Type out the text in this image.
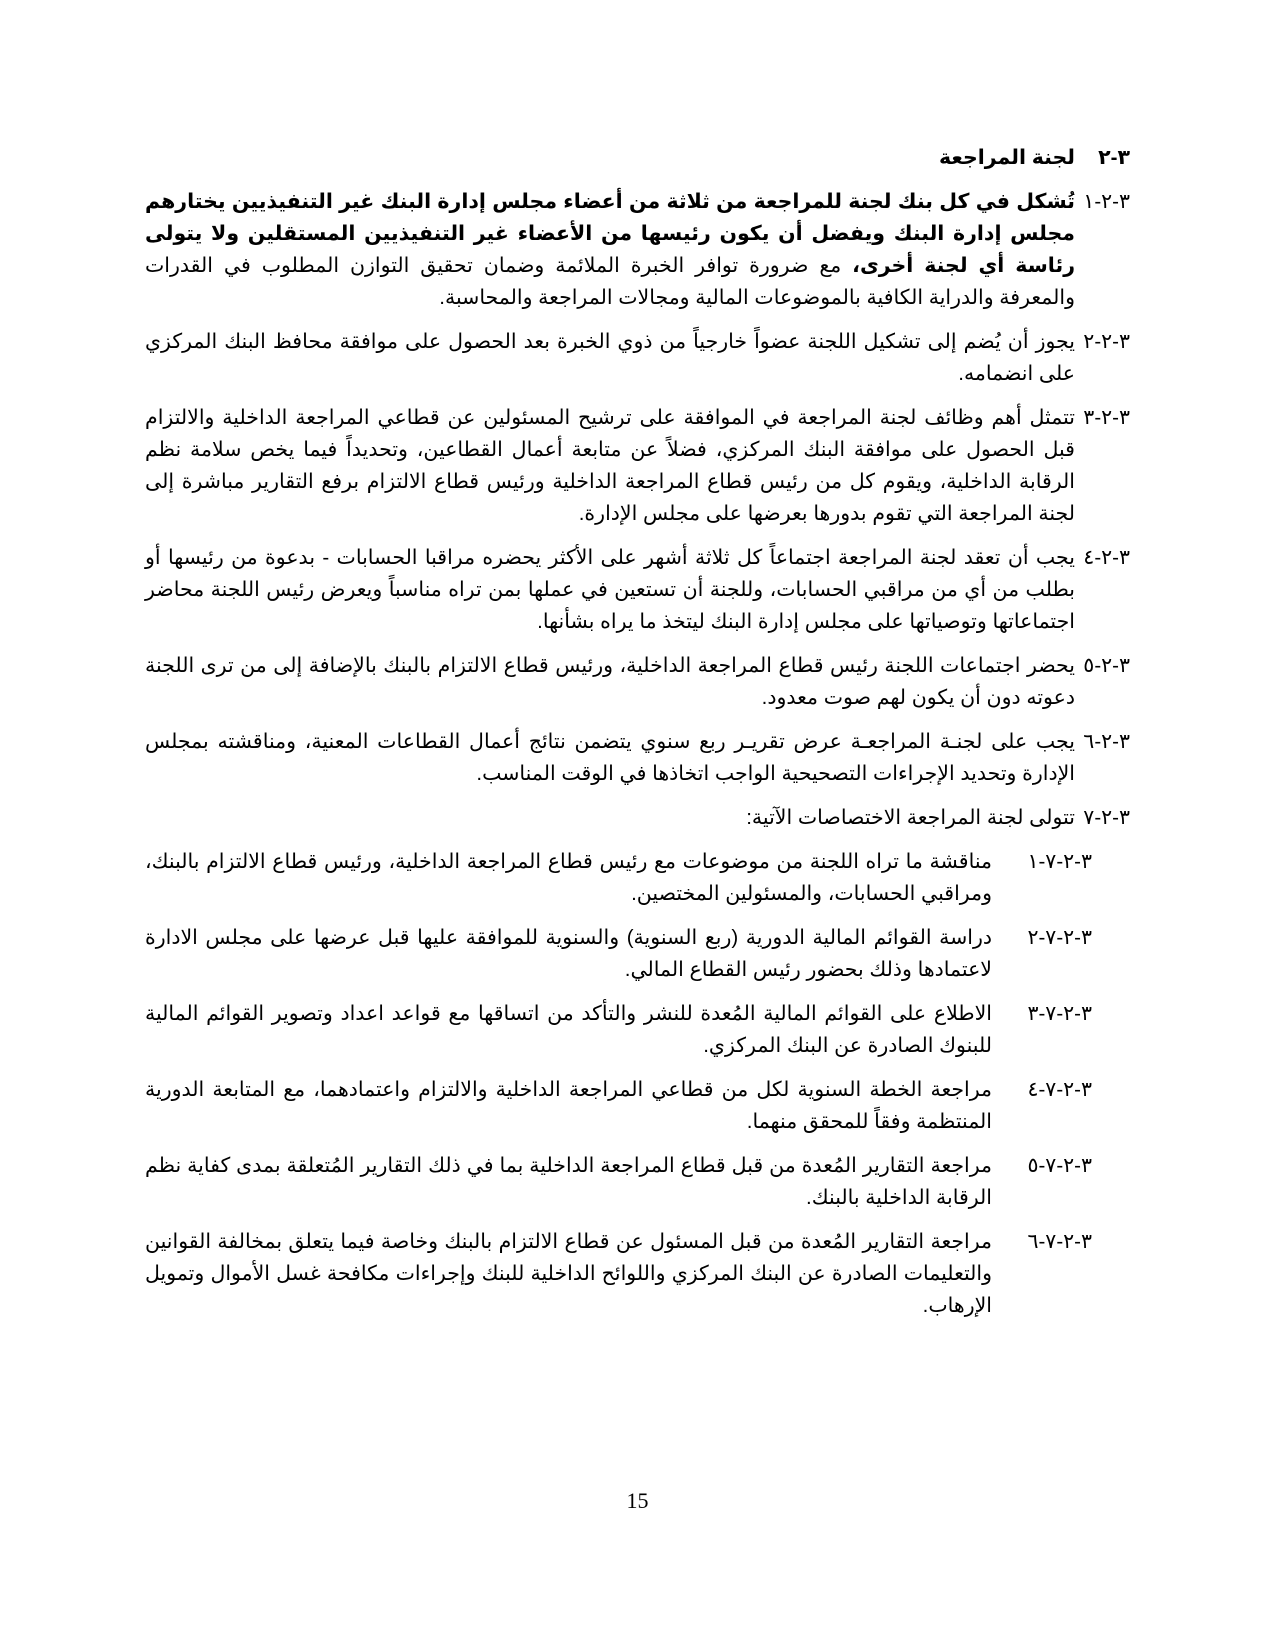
٣-٢
لجنة المراجعة
٣-٢-١
تُشكل في كل بنك لجنة للمراجعة من ثلاثة من أعضاء مجلس إدارة البنك غير التنفيذيين يختارهم مجلس إدارة البنك ويفضل أن يكون رئيسها من الأعضاء غير التنفيذيين المستقلين ولا يتولى رئاسة أي لجنة أخرى، مع ضرورة توافر الخبرة الملائمة وضمان تحقيق التوازن المطلوب في القدرات والمعرفة والدراية الكافية بالموضوعات المالية ومجالات المراجعة والمحاسبة.
٣-٢-٢
يجوز أن يُضم إلى تشكيل اللجنة عضواً خارجياً من ذوي الخبرة بعد الحصول على موافقة محافظ البنك المركزي على انضمامه.
٣-٢-٣
تتمثل أهم وظائف لجنة المراجعة في الموافقة على ترشيح المسئولين عن قطاعي المراجعة الداخلية والالتزام قبل الحصول على موافقة البنك المركزي، فضلاً عن متابعة أعمال القطاعين، وتحديداً فيما يخص سلامة نظم الرقابة الداخلية، ويقوم كل من رئيس قطاع المراجعة الداخلية ورئيس قطاع الالتزام برفع التقارير مباشرة إلى لجنة المراجعة التي تقوم بدورها بعرضها على مجلس الإدارة.
٣-٢-٤
يجب أن تعقد لجنة المراجعة اجتماعاً كل ثلاثة أشهر على الأكثر يحضره مراقبا الحسابات - بدعوة من رئيسها أو بطلب من أي من مراقبي الحسابات، وللجنة أن تستعين في عملها بمن تراه مناسباً ويعرض رئيس اللجنة محاضر اجتماعاتها وتوصياتها على مجلس إدارة البنك ليتخذ ما يراه بشأنها.
٣-٢-٥
يحضر اجتماعات اللجنة رئيس قطاع المراجعة الداخلية، ورئيس قطاع الالتزام بالبنك بالإضافة إلى من ترى اللجنة دعوته دون أن يكون لهم صوت معدود.
٣-٢-٦
يجب على لجنـة المراجعـة عرض تقريـر ربع سنوي يتضمن نتائج أعمال القطاعات المعنية، ومناقشته بمجلس الإدارة وتحديد الإجراءات التصحيحية الواجب اتخاذها في الوقت المناسب.
٣-٢-٧
تتولى لجنة المراجعة الاختصاصات الآتية:
٣-٢-٧-١
مناقشة ما تراه اللجنة من موضوعات مع رئيس قطاع المراجعة الداخلية، ورئيس قطاع الالتزام بالبنك، ومراقبي الحسابات، والمسئولين المختصين.
٣-٢-٧-٢
دراسة القوائم المالية الدورية (ربع السنوية) والسنوية للموافقة عليها قبل عرضها على مجلس الادارة لاعتمادها وذلك بحضور رئيس القطاع المالي.
٣-٢-٧-٣
الاطلاع على القوائم المالية المُعدة للنشر والتأكد من اتساقها مع قواعد اعداد وتصوير القوائم المالية للبنوك الصادرة عن البنك المركزي.
٣-٢-٧-٤
مراجعة الخطة السنوية لكل من قطاعي المراجعة الداخلية والالتزام واعتمادهما، مع المتابعة الدورية المنتظمة وفقاً للمحقق منهما.
٣-٢-٧-٥
مراجعة التقارير المُعدة من قبل قطاع المراجعة الداخلية بما في ذلك التقارير المُتعلقة بمدى كفاية نظم الرقابة الداخلية بالبنك.
٣-٢-٧-٦
مراجعة التقارير المُعدة من قبل المسئول عن قطاع الالتزام بالبنك وخاصة فيما يتعلق بمخالفة القوانين والتعليمات الصادرة عن البنك المركزي واللوائح الداخلية للبنك وإجراءات مكافحة غسل الأموال وتمويل الإرهاب.
15
